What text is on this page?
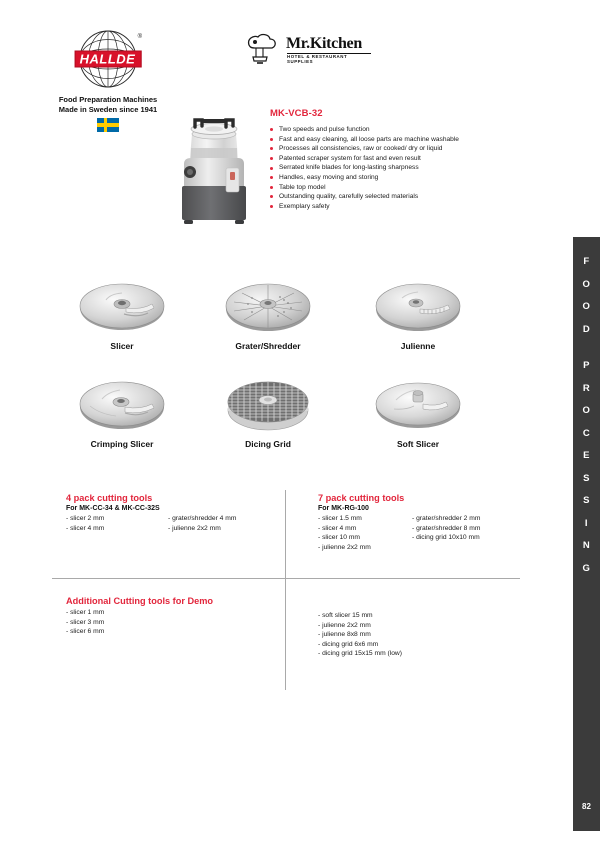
HALLDE
®
Food Preparation Machines
Made in Sweden since 1941
Mr.Kitchen
HOTEL & RESTAURANT SUPPLIES
MK-VCB-32
Two speeds and pulse function
Fast and easy cleaning, all loose parts are machine washable
Processes all consistencies, raw or cooked/ dry or liquid
Patented scraper system for fast and even result
Serrated knife blades for long-lasting sharpness
Handles, easy moving and storing
Table top model
Outstanding quality, carefully selected materials
Exemplary safety
Slicer	Grater/Shredder	Julienne
Crimping Slicer	Dicing Grid	Soft Slicer
4 pack cutting tools
For MK-CC-34 & MK-CC-32S
- slicer 2 mm
- slicer 4 mm
- grater/shredder 4 mm
- julienne 2x2 mm
7 pack cutting tools
For MK-RG-100
- slicer 1.5 mm
- slicer 4 mm
- slicer 10 mm
- julienne 2x2 mm
- grater/shredder 2 mm
- grater/shredder 8 mm
- dicing grid 10x10 mm
Additional Cutting tools for Demo
- slicer 1 mm
- slicer 3 mm
- slicer 6 mm
- soft slicer 15 mm
- julienne 2x2 mm
- julienne 8x8 mm
- dicing grid 6x6 mm
- dicing grid 15x15 mm (low)
F
O
O
D
P
R
O
C
E
S
S
I
N
G
82
